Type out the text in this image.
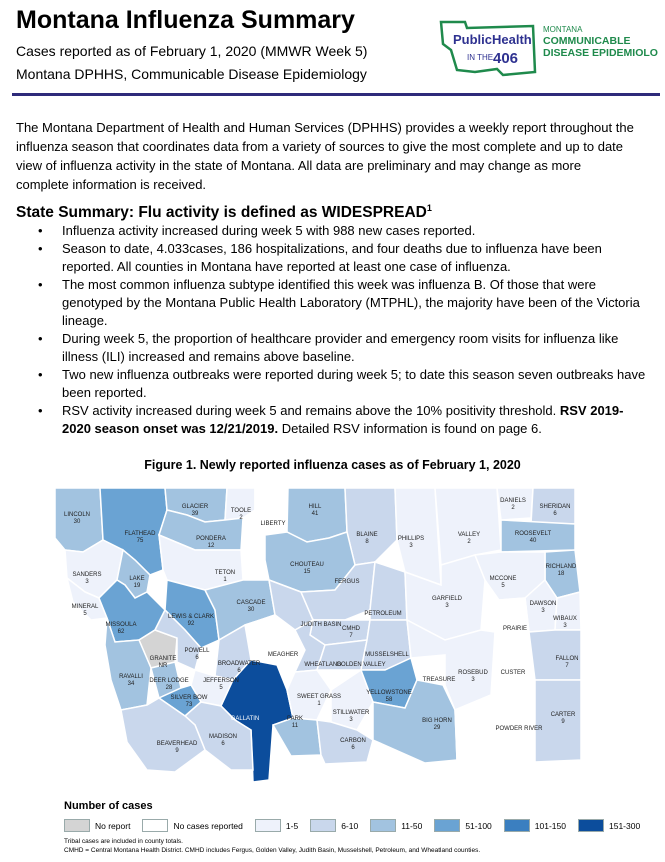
Montana Influenza Summary
Cases reported as of February 1, 2020 (MMWR Week 5)
Montana DPHHS, Communicable Disease Epidemiology
PublicHealth
IN THE 406
MONTANA
COMMUNICABLE
DISEASE EPIDEMIOLO
The Montana Department of Health and Human Services (DPHHS) provides a weekly report throughout the influenza season that coordinates data from a variety of sources to give the most complete and up to date view of influenza activity in the state of Montana. All data are preliminary and may change as more complete information is received.
State Summary: Flu activity is defined as WIDESPREAD$^1$
• Influenza activity increased during week 5 with 988 new cases reported.
• Season to date, 4.033cases, 186 hospitalizations, and four deaths due to influenza have been reported. All counties in Montana have reported at least one case of influenza.
• The most common influenza subtype identified this week was influenza B. Of those that were genotyped by the Montana Public Health Laboratory (MTPHL), the majority have been of the Victoria lineage.
• During week 5, the proportion of healthcare provider and emergency room visits for influenza like illness (ILI) increased and remains above baseline.
• Two new influenza outbreaks were reported during week 5; to date this season seven outbreaks have been reported.
• RSV activity increased during week 5 and remains above the 10% positivity threshold. RSV 2019-2020 season onset was 12/21/2019. Detailed RSV information is found on page 6.
Figure 1. Newly reported influenza cases as of February 1, 2020
LINCOLN
30
FLATHEAD
75
GLACIER
39	TOOLE
2
LIBERTY
HILL
41
BLAINE
8	PHILLIPS
3
VALLEY
2
DANIELS
2	SHERIDAN
6
ROOSEVELT
40
RICHLAND
18
PONDERA
12
TETON
1
CHOUTEAU
15
SANDERS
3	LAKE
19
MINERAL
5
MISSOULA
62
LEWIS & CLARK
92
CASCADE
30
JUDITH BASIN
FERGUS
PETROLEUM
CMHD
7
GARFIELD
3
MCCONE
5
DAWSON
3
WIBAUX
3
PRAIRIE
GRANITE
NR
POWELL
6	MEAGHER
BROADWATER
6
RAVALLI
34 DEER LODGE
28
JEFFERSON
5
SILVER BOW
73
WHEATLAND
GOLDEN VALLEY
MUSSELSHELL
TREASURE
ROSEBUD
3
CUSTER
FALLON
7
SWEET GRASS
1
STILLWATER
3
YELLOWSTONE
58
GALLATIN	PARK
11
MADISON
6
BEAVERHEAD
9
CARBON
6
BIG HORN
29	POWDER RIVER
CARTER
9
Number of cases
No report	No cases reported	1-5	6-10	11-50	51-100	101-150	151-300
Tribal cases are included in county totals.
CMHD = Central Montana Health District. CMHD includes Fergus, Golden Valley, Judith Basin, Musselshell, Petroleum, and Wheatland counties.
